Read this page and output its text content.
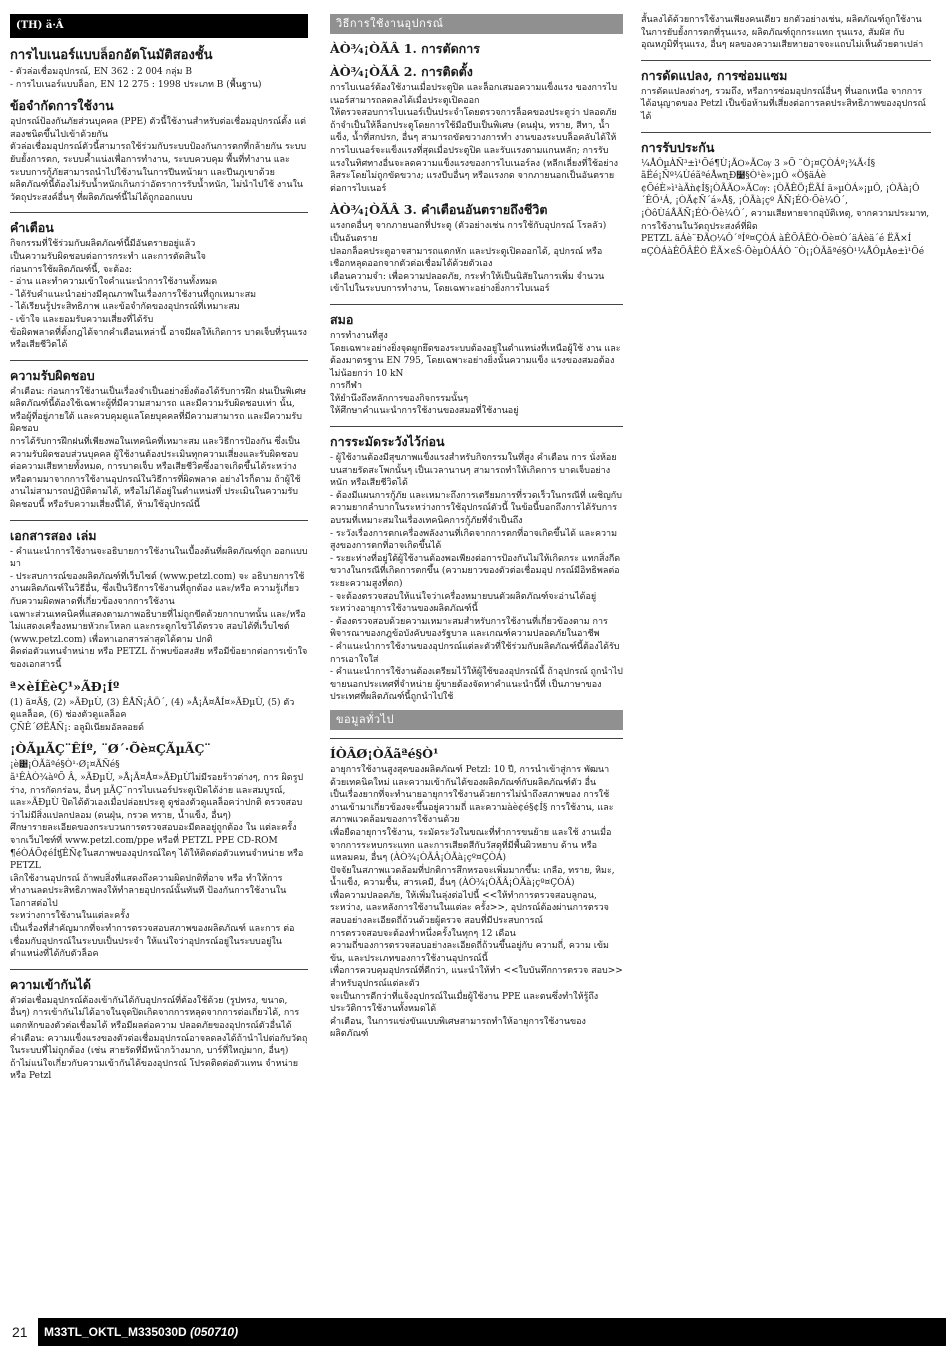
(TH) ä·Â
การไบเนอร์แบบล็อกอัตโนมัติสองชั้น

- ตัวล่อเชื่อมอุปกรณ์, EN 362 : 2 004 กลุ่ม B
- การไบเนอร์แบบล็อก, EN 12 275 : 1998 ประเภท B (พื้นฐาน)

ข้อจำกัดการใช้งาน

อุปกรณ์ป้องกันภัยส่วนบุคคล (PPE) ตัวนี้ใช้งานสำหรับต่อเชื่อมอุปกรณ์ตั้ง แต่สองชนิดขึ้นไปเข้าด้วยกัน
ตัวล่อเชื่อมอุปกรณ์ตัวนี้สามารถใช้ร่วมกับระบบป้องกันการตกที่กล้ายกัน ระบบยับยั้งการตก, ระบบค้ำแน่งเพื่อการทำงาน, ระบบควบคุม พื้นที่ทำงาน และระบบการกู้ภัยสามารถนำไปใช้งานในการปีนหน้าผา และปีนภูเขาด้วย
ผลิตภัณฑ์นี้ต้องไม่รับน้ำหนักเกินกว่าอัตราการรับน้ำหนัก, ไม่นำไปใช้ งานในวัตถุประสงค์อื่นๆ ที่ผลิตภัณฑ์นี้ไม่ได้ถูกออกแบบ

คำเตือน

กิจกรรมที่ใช้ร่วมกับผลิตภัณฑ์นี้มีอันตรายอยู่แล้ว
เป็นความรับผิดชอบต่อการกระทำ และการตัดสินใจ
ก่อนการใช้ผลิตภัณฑ์นี้, จะต้อง:
- อ่าน และทำความเข้าใจคำแนะนำการใช้งานทั้งหมด
- ได้รับคำแนะนำอย่างมีคุณภาพในเรื่องการใช้งานที่ถูกเหมาะสม
- ได้เรียนรู้ประสิทธิภาพ และข้อจำกัดของอุปกรณ์ที่เหมาะสม
- เข้าใจ และยอมรับความเสี่ยงที่ได้รับ
ข้อผิดพลาดที่ตั้งกฎได้จากคำเตือนเหล่านี้ อาจมีผลให้เกิดการ บาดเจ็บที่รุนแรงหรือเสียชีวิตได้

ความรับผิดชอบ

คำเตือน: ก่อนการใช้งานเป็นเรื่องจำเป็นอย่างยิ่งต้องได้รับการฝึก ฝนเป็นพิเศษผลิตภัณฑ์นี้ต้องใช้เฉพาะผู้ที่มีความสามารถ และมีความรับผิดชอบเท่า นั้น, หรือผู้ที่อยู่ภายใต้ และควบคุมดูแลโดยบุคคลที่มีความสามารถ และมีความรับผิดชอบ
การได้รับการฝึกฝนที่เพียงพอในเทคนิคที่เหมาะสม และวิธีการป้องกัน ซึ่งเป็นความรับผิดชอบส่วนบุคคล ผู้ใช้งานต้องประเมินทุกความเสี่ยงและรับผิดชอบต่อความเสียหายทั้งหมด, การบาดเจ็บ หรือเสียชีวิตซึ่งอาจเกิดขึ้นได้ระหว่าง หรือตามมาจากการใช้งานอุปกรณ์ในวิธีการที่ผิดพลาด อย่างไรก็ตาม ถ้าผู้ใช้งานไม่สามารถปฏิบัติตามได้, หรือไม่ได้อยู่ในตำแหน่งที่ ประเมินในความรับผิดชอบนี้ หรือรับความเสี่ยงนี้ได้, ห้ามใช้อุปกรณ์นี้

เอกสารสอง เล่ม

- คำแนะนำการใช้งานจะอธิบายการใช้งานในเบื้องต้นที่ผลิตภัณฑ์ถูก ออกแบบมา
- ประสบการณ์ของผลิตภัณฑ์ที่เว็บไซต์ (www.petzl.com) จะ อธิบายการใช้งานผลิตภัณฑ์ในวิธีอื่น, ซึ่งเป็นวิธีการใช้งานที่ถูกต้อง และ/หรือ ความรู้เกี่ยวกับความผิดพลาดที่เกี่ยวข้องจากการใช้งาน
เฉพาะส่วนเทคนิคที่แสดงตามภาพอธิบายที่ไม่ถูกขีดด้วยกากบาทนั้น และ/หรือ ไม่แสดงเครื่องหมายหัวกะโหลก และกระดูกไขว้ได้ตรวจ สอบได้ที่เว็บไซต์ (www.petzl.com) เพื่อหาเอกสารล่าสุดได้ตาม ปกติ
ติดต่อตัวแทนจำหน่าย หรือ PETZL ถ้าพบข้อสงสัย หรือมีข้อยากต่อการเข้าใจของเอกสารนี้

ª×èÍÊèÇ¹»ÃÐ¡Íº

(1) ä¤Ã§, (2) »ÃÐµÙ, (3) ÊÅÑ¡ÂÖ´, (4) »Å¡Ã¤ÅÍ¤»ÃÐµÙ, (5) ตัวดูแลล็อค, (6) ช่องตัวดูแลล็อค
ÇÑÊ´ØËÅÑ¡: อลูมิเนียมอัลลอยด์

¡ÒÃµÃÇ¨ÊÍº, ¨Ø´·Õè¤ÇÃµÃÇ¨

¡è͹¡ÒÃãªé§Ò¹·Ø¡¤ÃÑé§
ã¹ÊÀÒ¾àºÕ Â, »ÃÐµÙ, »Å¡Ã¤Å¤»ÃÐµÙไม่มีรอยร้าวต่างๆ, การ ผิดรูปร่าง, การกัดกร่อน, อื่นๆ µÃÇ¨การไบเนอร์ประตูเปิดได้ง่าย และสมบูรณ์, และ»ÃÐµÙ ปิดได้ตัวเองเมื่อปล่อยประตู ดูช่องตัวดูแลล็อคว่าปกติ ตรวจสอบว่าไม่มีสิ่งแปลกปลอม (ดนฝุ่น, กรวด ทราย, น้ำแข็ง, อื่นๆ)
ศึกษารายละเอียดของกระบวนการตรวจสอบอะมีตลอยู่ถูกต้อง ใน แต่ละครั้ง จากเว็บไซท์ที่ www.petzl.com/ppe หรือที่ PETZL PPE CD-ROM
¶éÒÁÕ¢éÍʧÊÑ¢ในสภาพของอุปกรณ์ใดๆ ได้ให้ติดต่อตัวแทนจำหน่าย หรือ PETZL
เลิกใช้งานอุปกรณ์ ถ้าพบสิ่งที่แสดงถึงความผิดปกติที่อาจ หรือ ทำให้การทำงานลดประสิทธิภาพลงให้ทำลายอุปกรณ์นั้นทันที ป้องกันการใช้งานในโอกาสต่อไป
ระหว่างการใช้งานในแต่ละครั้ง
เป็นเรื่องที่สำคัญมากที่จะทำการตรวจสอบสภาพของผลิตภัณฑ์ และการ ต่อเชื่อมกับอุปกรณ์ในระบบเป็นประจำ ให้แน่ใจว่าอุปกรณ์อยู่ในระบบอยู่ในตำแหน่งที่ได้กับตัวล็อค

ความเข้ากันได้

ตัวต่อเชื่อมอุปกรณ์ต้องเข้ากันได้กับอุปกรณ์ที่ต้องใช้ด้วย (รูปทรง, ขนาด, อื่นๆ) การเข้ากันไม่ได้อาจในจุดปิดเกิดจากการหลุดจากการต่อเกี่ยวได้, การแตกหักของตัวต่อเชื่อมได้ หรือมีผลต่อความ ปลอดภัยของอุปกรณ์ตัวอื่นได้
คำเตือน: ความแข็งแรงของตัวต่อเชื่อมอุปกรณ์อาจลดลงได้ถ้านำไปต่อกับวัตถุในระบบที่ไม่ถูกต้อง (เช่น สายรัดที่มีหน้ากว้างมาก, บาร์ที่ใหญ่มาก, อื่นๆ)
ถ้าไม่แน่ใจเกี่ยวกับความเข้ากันได้ของอุปกรณ์ โปรดติดต่อตัวแทน จำหน่าย หรือ Petzl

วิธีการใช้งานอุปกรณ์
ÀÒ¾¡ÒÃÂ 1. การตัดการ
ÀÒ¾¡ÒÃÂ 2. การติดตั้ง

การไบเนอร์ต้องใช้งานเมื่อประตูปิด และล็อกเสมอความแข็งแรง ของการไบเนอร์สามารถลดลงได้เมื่อประตูเปิดออก
ให้ตรวจสอบการไบเนอร์เป็นประจำโดยตรวจการล็อคของประตูว่า ปลอดภัยถ้าจำเป็นให้ล็อกประตูโดยการใช้มือบีบเป็นพิเศษ (ดนฝุ่น, ทราย, สีทา, น้ำแข็ง, น้ำที่สกปรก, อื่นๆ สามารถขัดขวางการทำ งานของระบบล็อคลับได้ให้การไบเนอร์จะแข็งแรงที่สุดเมื่อประตูปิด และรับแรงตามแกนหลัก; การรับแรงในทิศทางอื่นจะลดความแข็งแรงของการไบเนอร์ลง (หลีกเลี่ยงที่ใช้อย่างลิสระโดยไม่ถูกขัดขวาง; แรงบีบอื่นๆ หรือแรงกด จากภายนอกเป็นอันตรายต่อการไบเนอร์

ÀÒ¾¡ÒÃÂ 3. คำเตือนอันตรายถึงชีวิต

แรงกดอื่นๆ จากภายนอกที่ประตู (ตัวอย่างเช่น การใช้กับอุปกรณ์ โรลลัว) เป็นอันตราย
ปลอกล็อคประตูอาจสามารถแตกหัก และประตูเปิดออกได้, อุปกรณ์ หรือ เชือกหลุดออกจากตัวต่อเชื่อมได้ด้วยตัวเอง
เตือนความจำ: เพื่อความปลอดภัย, กระทำให้เป็นนิสัยในการเพิ่ม จำนวนเข้าไปในระบบการทำงาน, โดยเฉพาะอย่างยิ่งการไบเนอร์

สมอ

การทำงานที่สูง
โดยเฉพาะอย่างยิ่งจุดผูกยึดของระบบต้องอยู่ในตำแหน่งที่เหนือผู้ใช้ งาน และต้องมาตรฐาน EN 795, โดยเฉพาะอย่างยิ่งนั้นความแข็ง แรงของสมอต้องไม่น้อยกว่า 10 kN
การกีฬา
ให้ยำนึงถึงหลักการของกิจกรรมนั้นๆ
ให้ศึกษาคำแนะนำการใช้งานของสมอที่ใช้งานอยู่

การระมัดระวังไว้ก่อน

- ผู้ใช้งานต้องมีสุขภาพแข็งแรงสำหรับกิจกรรมในที่สูง คำเตือน การ นั่งห้อยบนสายรัดสะโพกนั้นๆ เป็นเวลานานๆ สามารถทำให้เกิดการ บาดเจ็บอย่างหนัก หรือเสียชีวิตได้
- ต้องมีแผนการกู้ภัย และเหมาะถึงการเตรียมการที่รวดเร็วในกรณีที่ เผชิญกับความยากลำบากในระหว่างการใช้อุปกรณ์ตัวนี้ ในข้อนี้บอกถึงการได้รับการอบรมที่เหมาะสมในเรื่องเทคนิคการกู้ภัยที่จำเป็นถึง
- ระวังเรื่องการตกเครื่องพลังงานที่เกิดจากการตกที่อาจเกิดขึ้นได้ และความสูงของการตกที่อาจเกิดขึ้นได้
- ระยะห่างที่อยู่ใต้ผู้ใช้งานต้องพอเพียงต่อการป้องกันไม่ให้เกิดกระ แทกสิ่งกีดขวางในกรณีที่เกิดการตกขึ้น (ความยาวของตัวต่อเชื่อมอุป กรณ์มีอิทธิพลต่อระยะความสูงที่ตก)
- จะต้องตรวจสอบให้แน่ใจว่าเครื่องหมายบนตัวผลิตภัณฑ์จะอ่านได้อยู่ ระหว่างอายุการใช้งานของผลิตภัณฑ์นี้
- ต้องตรวจสอบด้วยความเหมาะสมสำหรับการใช้งานที่เกี่ยวข้องตาม การพิจารณาของกฎข้อบังคับของรัฐบาล และเกณฑ์ความปลอดภัยในอาชีพ
- คำแนะนำการใช้งานของอุปกรณ์แต่ละตัวที่ใช้ร่วมกับผลิตภัณฑ์นี้ต้องได้รับการเอาใจใส่
- คำแนะนำการใช้งานต้องเตรียมไว้ให้ผู้ใช้ของอุปกรณ์นี้ ถ้าอุปกรณ์ ถูกนำไปขายนอกประเทศที่จำหน่าย ผู้ขายต้องจัดหาคำแนะนำนี้ที่ เป็นภาษาของประเทศที่ผลิตภัณฑ์นี้ถูกนำไปใช้

ขอมูลทั่วไป
ÍÒÂØ¡ÒÃãªé§Ò¹

อายุการใช้งานสูงสุดของผลิตภัณฑ์ Petzl: 10 ปี, การนำเข้าสู่การ พัฒนาด้วยเทคนิคใหม่ และความเข้ากันได้ของผลิตภัณฑ์กับผลิตภัณฑ์ตัว อื่น
เป็นเรื่องยากที่จะทำนายอายุการใช้งานด้วยการไม่นำถึงสภาพของ การใช้งานเข้ามาเกี่ยวข้องจะขึ้นอยู่ความถี่ และความàè¢é§¢Í§ การใช้งาน, และสภาพแวดล้อมของการใช้งานด้วย
เพื่อยืดอายุการใช้งาน, ระมัดระวังในขณะที่ทำการขนย้าย และใช้ งานเมื่อจากการระหบกระแทก และการเสียดสีกับวัสดุที่มีพื้นผิวหยาบ ด้าน หรือแหลมคม, อื่นๆ (ÀÒ¾¡ÒÃÂ¡ÒÃà¡çº¤ÇÒÁ)
ปัจจัยในสภาพแวดล้อมที่ปกติการสึกหรอจะเพิ่มมากขึ้น: เกลือ, ทราย, หิมะ, น้ำแข็ง, ความชื้น, สารเคมี, อื่นๆ (ÀÒ¾¡ÒÃÂ¡ÒÃà¡çº¤ÇÒÁ)
เพื่อความปลอดภัย, ให้เพิ่มในลุ่งต่อไปนี้ <<ให้ทำการตรวจสอบลูกอน, ระหว่าง, และหลังการใช้งานในแต่ละ ครั้ง>>, อุปกรณ์ต้องผ่านการตรวจสอบอย่างละเอียดถี่ถ้วนด้วยผู้ตรวจ สอบที่มีประสบการณ์
การตรวจสอบจะต้องทำหนึ่งครั้งในทุกๆ 12 เดือน
ความถี่ของการตรวจสอบอย่างละเอียดถี่ถ้วนขึ้นอยู่กับ ความถี่, ความ เข้มข้น, และประเภทของการใช้งานอุปกรณ์นี้
เพื่อการควบคุมอุปกรณ์ที่ดีกว่า, แนะนำให้ทำ <<ใบบันทึกการตรวจ สอบ>> สำหรับอุปกรณ์แต่ละตัว
จะเป็นการดีกว่าที่แจ้งอุปกรณ์ในเมื่ยผู้ใช้งาน PPE และตนซึ่งทำให้รู้ถึงประวัติการใช้งานทั้งหมดได้
คำเตือน, ในการแข่งขันแบบพิเศษสามารถทำให้อายุการใช้งานของ ผลิตภัณฑ์

สั้นลงได้ด้วยการใช้งานเพียงคนเดียว ยกตัวอย่างเช่น, ผลิตภัณฑ์ถูกใช้งานในการยับยั้งการตกที่รุนแรง, ผลิตภัณฑ์ถูกกระแทก รุนแรง, สัมผัส กับอุณหภูมิที่รุนแรง, อื่นๆ ผลของความเสียหายอาจจะแถบไม่เห็นด้วยตาเปล่า

การดัดแปลง, การซ่อมแซม

การดัดแปลงต่างๆ, รวมถึง, หรือการซ่อมอุปกรณ์อื่นๆ ที่นอกเหนือ จากการได้อนุญาตของ Petzl เป็นข้อห้ามที่เสี่ยงต่อการลดประสิทธิภาพของอุปกรณ์ได้

การรับประกัน

¼ÅÔµÀÑ³±ì¹Õé¶Ù¡ÃѺ»ÃСѹ 3 »Õ ¨Ò¡¤ÇÒÁº¡¾Ã‹Í§ ãËé¡Ñº¼ÙéãªéÅѡɳÐ໹§Ò¹è»¡µÔ «Ö§äÁè ¢ÕéÈ»ì¹àÃǹ¢Í§¡ÒÃÃѺ»ÃСѹ: ¡ÒÃÊÖ¡ËÃÍ ä»µÒÁ»¡µÔ, ¡ÒÃà¡Ô´ÊÕ¹Á, ¡ÒÃ¢Ñ´á»Å§, ¡ÒÃà¡çº ÃÑ¡ÉÒ·Õè¼Ô´, ¡ÒôÙáÅÃÑ¡ÉÒ·Õè¼Ô´, ความเสียหายจากอุบัติเหตุ, จากความประมาท, การใช้งานในวัตถุประสงค์ที่ผิด
PETZL äÁè¨ÐÃѺ¼Ô´ªÍº¤ÇÒÁ àÊÕÂËÒ·Õè¤Ò´äÁèä´é ËÃ×Í ¤ÇÒÁàÊÕÂËÒ ËÃ×ͼŠ·ÕèµÒÁÁÒ ¨Ò¡¡ÒÃãªé§Ò¹¼ÅÔµÀѳ±ì¹Õé

21	M33TL_OKTL_M335030D (050710)
